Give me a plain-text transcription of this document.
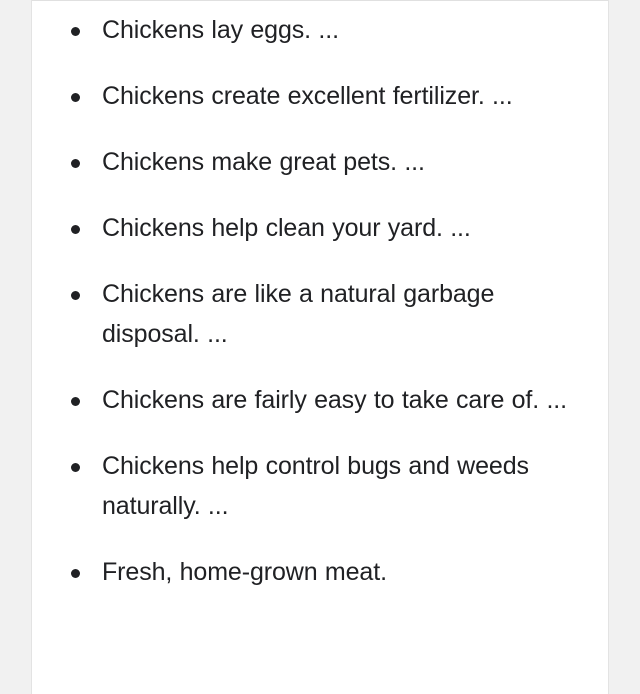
Chickens lay eggs. ...
Chickens create excellent fertilizer. ...
Chickens make great pets. ...
Chickens help clean your yard. ...
Chickens are like a natural garbage disposal. ...
Chickens are fairly easy to take care of. ...
Chickens help control bugs and weeds naturally. ...
Fresh, home-grown meat.
